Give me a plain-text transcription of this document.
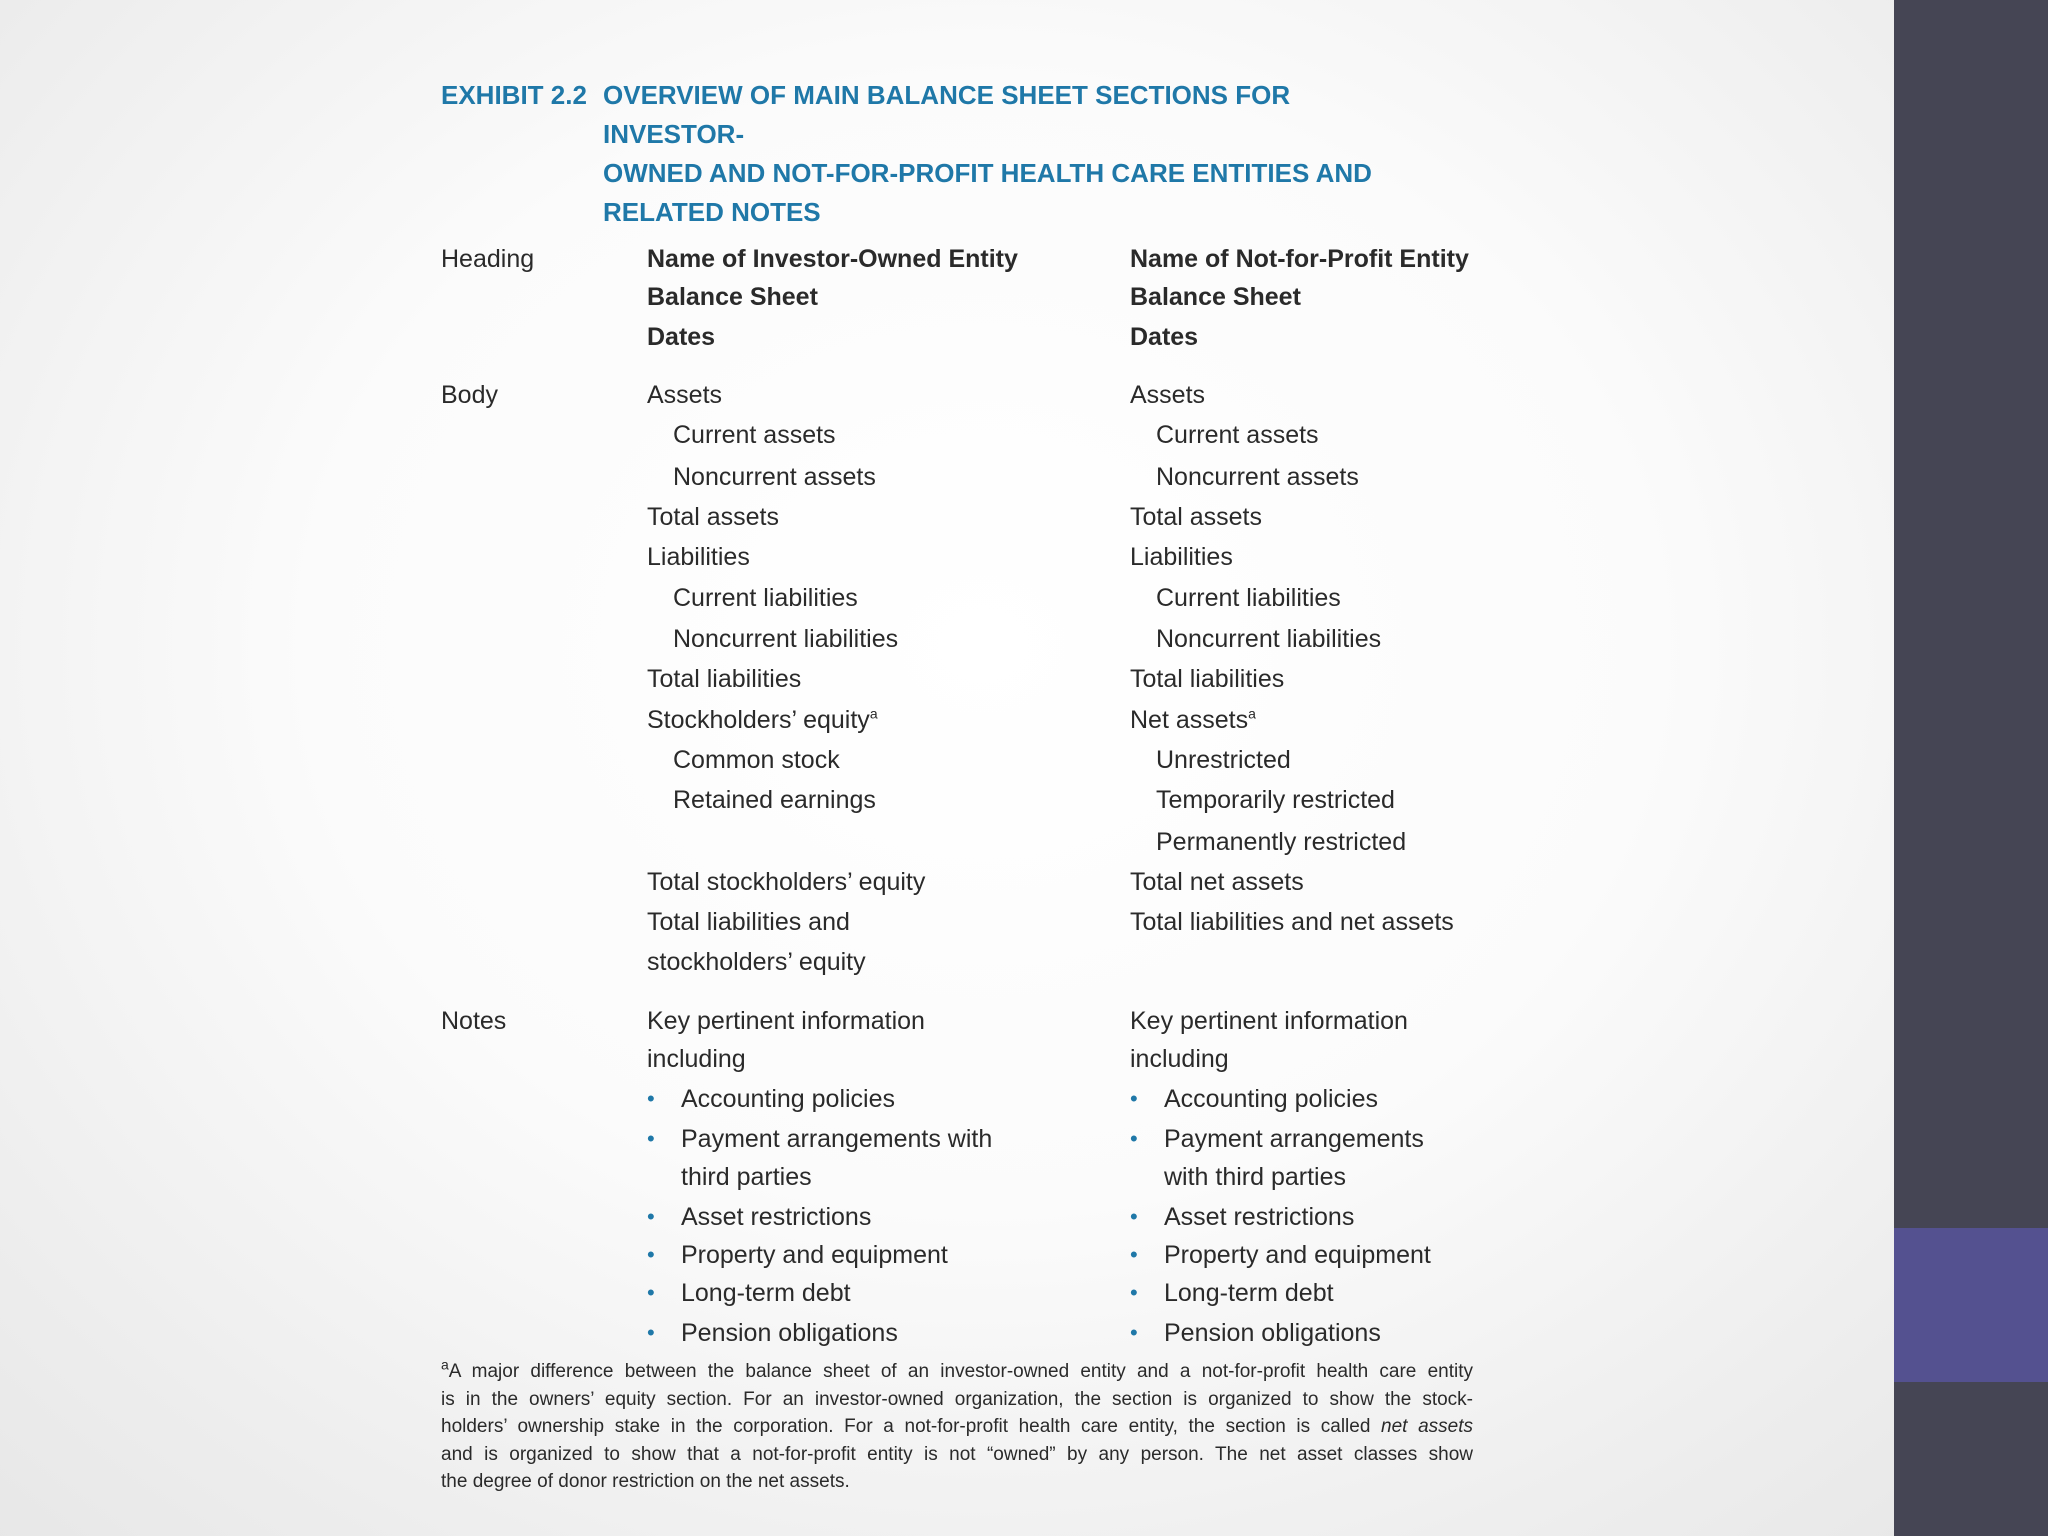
EXHIBIT 2.2 OVERVIEW OF MAIN BALANCE SHEET SECTIONS FOR INVESTOR-
OWNED AND NOT-FOR-PROFIT HEALTH CARE ENTITIES AND
RELATED NOTES
Heading
Body
Notes
Name of Investor-Owned Entity
Balance Sheet
Dates
Name of Not-for-Profit Entity
Balance Sheet
Dates
Assets
Current assets
Noncurrent assets
Total assets
Liabilities
Current liabilities
Noncurrent liabilities
Total liabilities
Stockholders’ equity$^a$
Common stock
Retained earnings
Total stockholders’ equity
Total liabilities and
stockholders’ equity
Assets
Current assets
Noncurrent assets
Total assets
Liabilities
Current liabilities
Noncurrent liabilities
Total liabilities
Net assets$^a$
Unrestricted
Temporarily restricted
Permanently restricted
Total net assets
Total liabilities and net assets
Key pertinent information
including
• Accounting policies
• Payment arrangements with
third parties
• Asset restrictions
• Property and equipment
• Long-term debt
• Pension obligations
Key pertinent information
including
• Accounting policies
• Payment arrangements
with third parties
• Asset restrictions
• Property and equipment
• Long-term debt
• Pension obligations
$^a$A major difference between the balance sheet of an investor-owned entity and a not-for-profit health care entity
is in the owners’ equity section. For an investor-owned organization, the section is organized to show the stock-
holders’ ownership stake in the corporation. For a not-for-profit health care entity, the section is called net assets
and is organized to show that a not-for-profit entity is not “owned” by any person. The net asset classes show
the degree of donor restriction on the net assets.
